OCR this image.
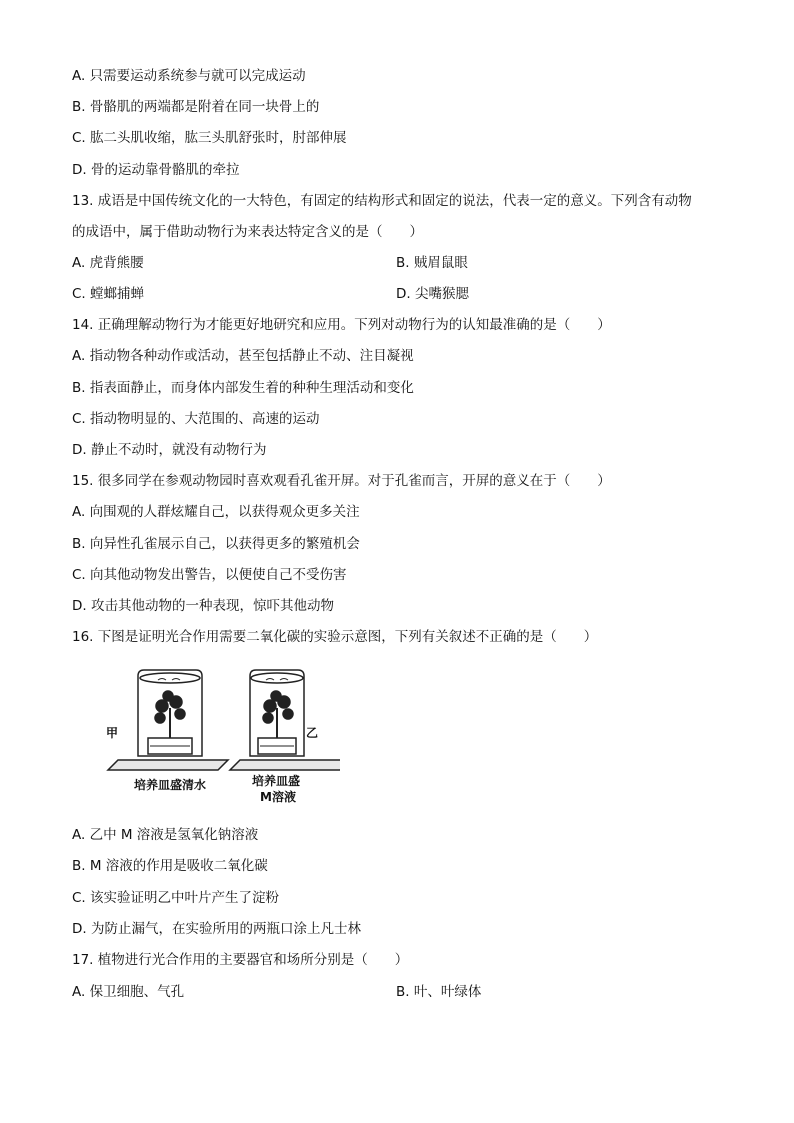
A. 只需要运动系统参与就可以完成运动
B. 骨骼肌的两端都是附着在同一块骨上的
C. 肱二头肌收缩，肱三头肌舒张时，肘部伸展
D. 骨的运动靠骨骼肌的牵拉
13. 成语是中国传统文化的一大特色，有固定的结构形式和固定的说法，代表一定的意义。下列含有动物
的成语中，属于借助动物行为来表达特定含义的是（　　）
A. 虎背熊腰	B. 贼眉鼠眼
C. 螳螂捕蝉	D. 尖嘴猴腮
14. 正确理解动物行为才能更好地研究和应用。下列对动物行为的认知最准确的是（　　）
A. 指动物各种动作或活动，甚至包括静止不动、注目凝视
B. 指表面静止，而身体内部发生着的种种生理活动和变化
C. 指动物明显的、大范围的、高速的运动
D. 静止不动时，就没有动物行为
15. 很多同学在参观动物园时喜欢观看孔雀开屏。对于孔雀而言，开屏的意义在于（　　）
A. 向围观的人群炫耀自己，以获得观众更多关注
B. 向异性孔雀展示自己，以获得更多的繁殖机会
C. 向其他动物发出警告，以便使自己不受伤害
D. 攻击其他动物的一种表现，惊吓其他动物
16. 下图是证明光合作用需要二氧化碳的实验示意图，下列有关叙述不正确的是（　　）
甲	乙
培养皿盛清水	培养皿盛
M溶液
A. 乙中 M 溶液是氢氧化钠溶液
B. M 溶液的作用是吸收二氧化碳
C. 该实验证明乙中叶片产生了淀粉
D. 为防止漏气，在实验所用的两瓶口涂上凡士林
17. 植物进行光合作用的主要器官和场所分别是（　　）
A. 保卫细胞、气孔	B. 叶、叶绿体
